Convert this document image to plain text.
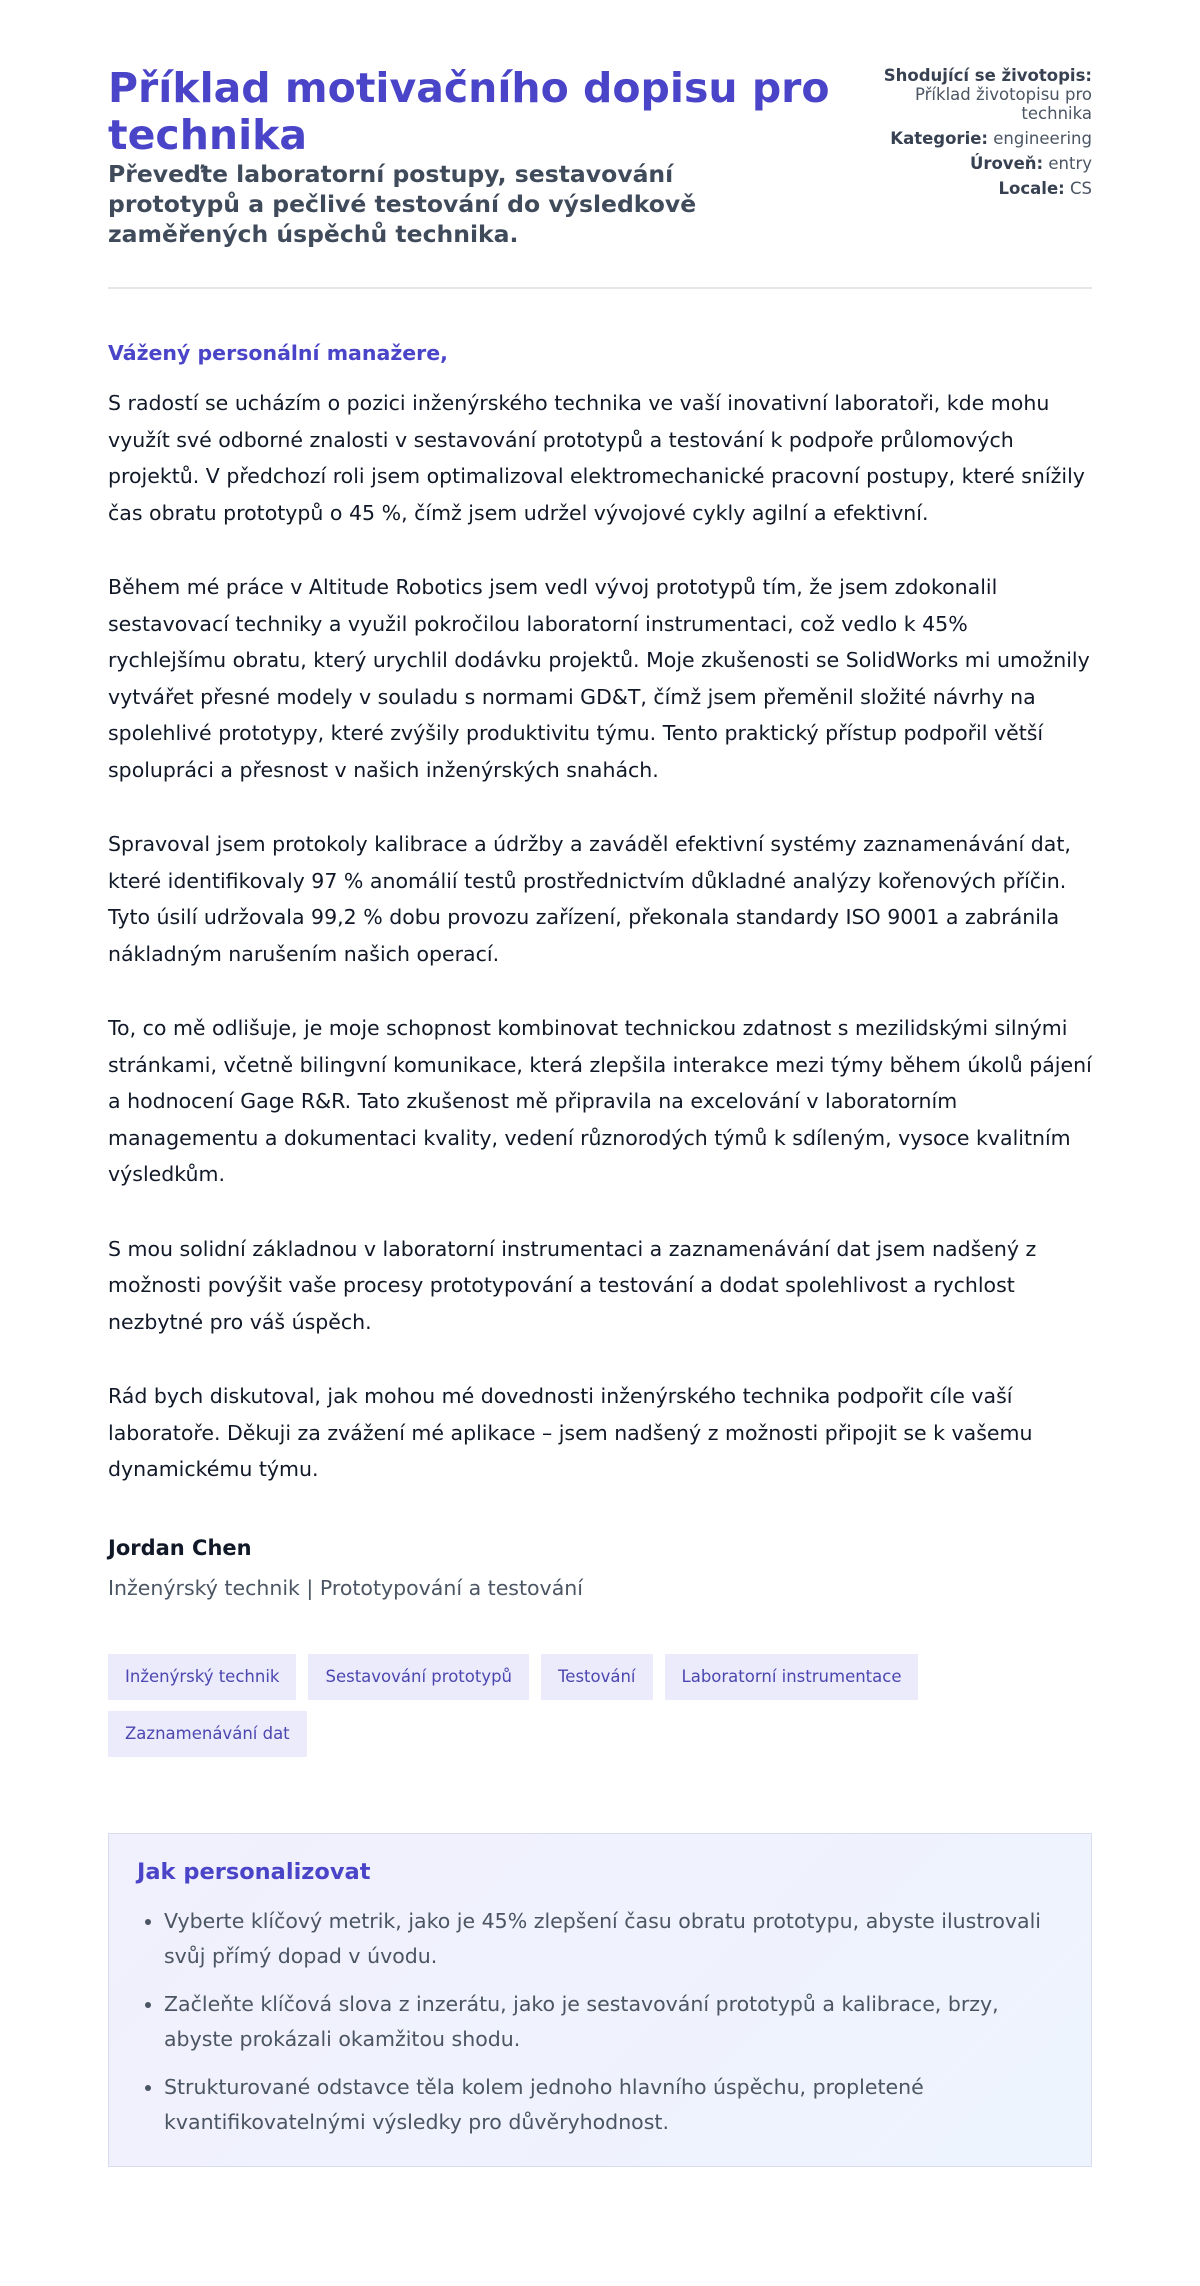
Příklad motivačního dopisu pro technika
Převeďte laboratorní postupy, sestavování prototypů a pečlivé testování do výsledkově zaměřených úspěchů technika.
Shodující se životopis: Příklad životopisu pro technika
Kategorie: engineering
Úroveň: entry
Locale: CS

Vážený personální manažere,

S radostí se ucházím o pozici inženýrského technika ve vaší inovativní laboratoři, kde mohu využít své odborné znalosti v sestavování prototypů a testování k podpoře průlomových projektů. V předchozí roli jsem optimalizoval elektromechanické pracovní postupy, které snížily čas obratu prototypů o 45 %, čímž jsem udržel vývojové cykly agilní a efektivní.

Během mé práce v Altitude Robotics jsem vedl vývoj prototypů tím, že jsem zdokonalil sestavovací techniky a využil pokročilou laboratorní instrumentaci, což vedlo k 45% rychlejšímu obratu, který urychlil dodávku projektů. Moje zkušenosti se SolidWorks mi umožnily vytvářet přesné modely v souladu s normami GD&T, čímž jsem přeměnil složité návrhy na spolehlivé prototypy, které zvýšily produktivitu týmu. Tento praktický přístup podpořil větší spolupráci a přesnost v našich inženýrských snahách.

Spravoval jsem protokoly kalibrace a údržby a zaváděl efektivní systémy zaznamenávání dat, které identifikovaly 97 % anomálií testů prostřednictvím důkladné analýzy kořenových příčin. Tyto úsilí udržovala 99,2 % dobu provozu zařízení, překonala standardy ISO 9001 a zabránila nákladným narušením našich operací.

To, co mě odlišuje, je moje schopnost kombinovat technickou zdatnost s mezilidskými silnými stránkami, včetně bilingvní komunikace, která zlepšila interakce mezi týmy během úkolů pájení a hodnocení Gage R&R. Tato zkušenost mě připravila na excelování v laboratorním managementu a dokumentaci kvality, vedení různorodých týmů k sdíleným, vysoce kvalitním výsledkům.

S mou solidní základnou v laboratorní instrumentaci a zaznamenávání dat jsem nadšený z možnosti povýšit vaše procesy prototypování a testování a dodat spolehlivost a rychlost nezbytné pro váš úspěch.

Rád bych diskutoval, jak mohou mé dovednosti inženýrského technika podpořit cíle vaší laboratoře. Děkuji za zvážení mé aplikace – jsem nadšený z možnosti připojit se k vašemu dynamickému týmu.

Jordan Chen

Inženýrský technik | Prototypování a testování

Inženýrský technik	Sestavování prototypů	Testování	Laboratorní instrumentace
Zaznamenávání dat
Jak personalizovat
• Vyberte klíčový metrik, jako je 45% zlepšení času obratu prototypu, abyste ilustrovali svůj přímý dopad v úvodu.
• Začleňte klíčová slova z inzerátu, jako je sestavování prototypů a kalibrace, brzy, abyste prokázali okamžitou shodu.
• Strukturované odstavce těla kolem jednoho hlavního úspěchu, propletené kvantifikovatelnými výsledky pro důvěryhodnost.
